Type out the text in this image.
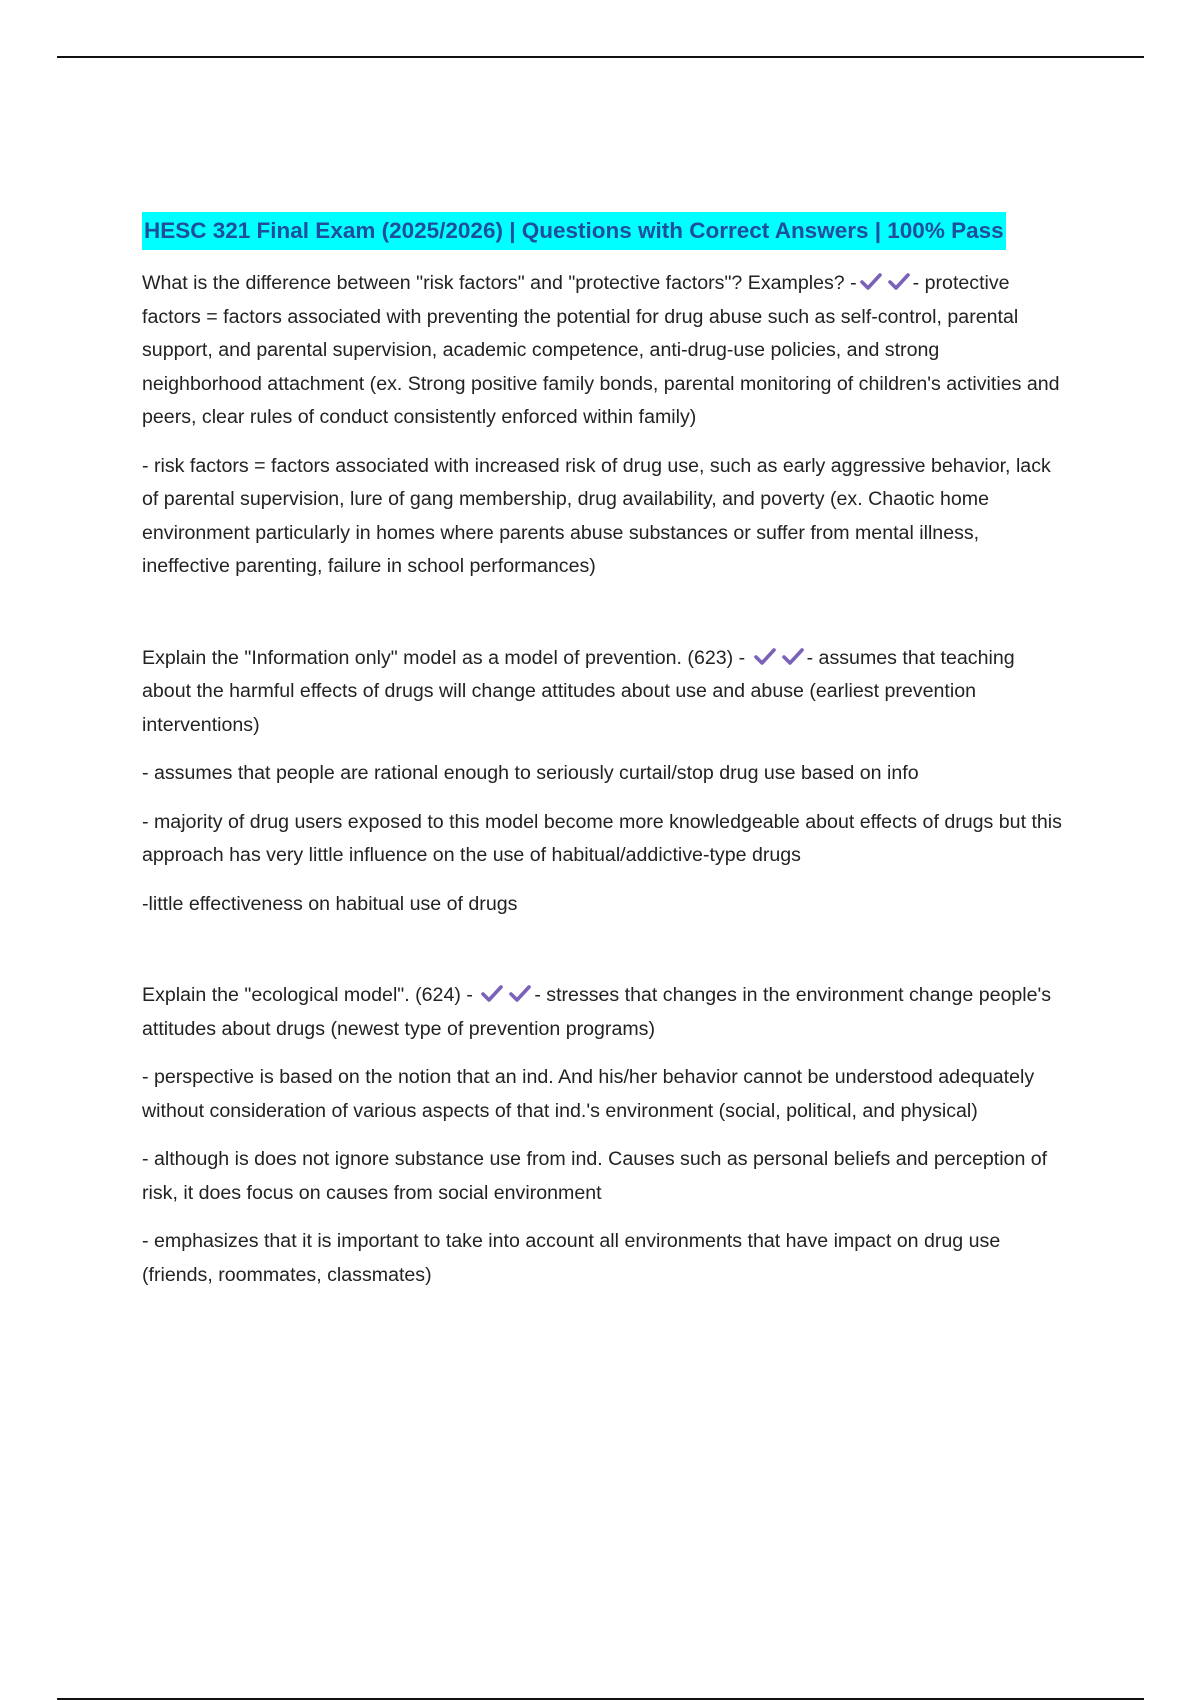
HESC 321 Final Exam (2025/2026) | Questions with Correct Answers | 100% Pass

What is the difference between "risk factors" and "protective factors"? Examples? -	- protective factors = factors associated with preventing the potential for drug abuse such as self-control, parental support, and parental supervision, academic competence, anti-drug-use policies, and strong neighborhood attachment (ex. Strong positive family bonds, parental monitoring of children's activities and peers, clear rules of conduct consistently enforced within family)

- risk factors = factors associated with increased risk of drug use, such as early aggressive behavior, lack of parental supervision, lure of gang membership, drug availability, and poverty (ex. Chaotic home environment particularly in homes where parents abuse substances or suffer from mental illness, ineffective parenting, failure in school performances)

Explain the "Information only" model as a model of prevention. (623) -	- assumes that teaching about the harmful effects of drugs will change attitudes about use and abuse (earliest prevention interventions)

- assumes that people are rational enough to seriously curtail/stop drug use based on info

- majority of drug users exposed to this model become more knowledgeable about effects of drugs but this approach has very little influence on the use of habitual/addictive-type drugs

-little effectiveness on habitual use of drugs

Explain the "ecological model". (624) -	- stresses that changes in the environment change people's attitudes about drugs (newest type of prevention programs)

- perspective is based on the notion that an ind. And his/her behavior cannot be understood adequately without consideration of various aspects of that ind.'s environment (social, political, and physical)

- although is does not ignore substance use from ind. Causes such as personal beliefs and perception of risk, it does focus on causes from social environment

- emphasizes that it is important to take into account all environments that have impact on drug use (friends, roommates, classmates)
